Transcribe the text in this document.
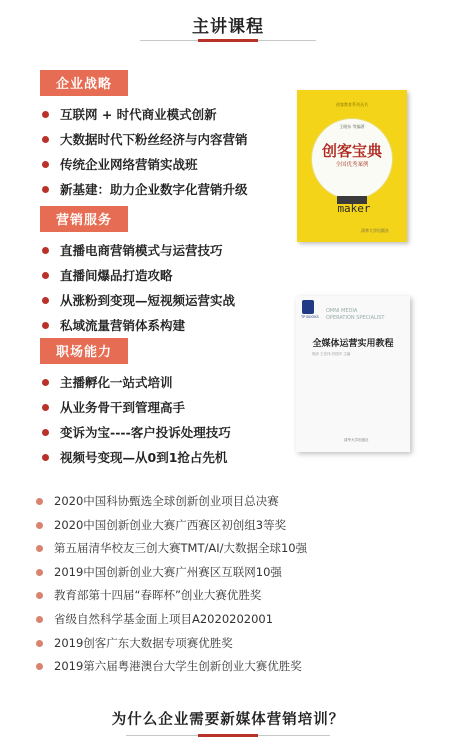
主讲课程
企业战略
互联网 + 时代商业模式创新
大数据时代下粉丝经济与内容营销
传统企业网络营销实战班
新基建：助力企业数字化营销升级
营销服务
直播电商营销模式与运营技巧
直播间爆品打造攻略
从涨粉到变现—短视频运营实战
私域流量营销体系构建
职场能力
主播孵化一站式培训
从业务骨干到管理高手
变诉为宝----客户投诉处理技巧
视频号变现—从0到1抢占先机
创客教育系列丛书
王晓东 等编著
创客宝典
全国优秀案例
maker
清华大学出版社
TP BOOKS
OMNI MEDIA
OPERATION SPECIALIST
全媒体运营实用教程
郭彦 王宏伟 肖国平 主编
清华大学出版社
2020中国科协甄选全球创新创业项目总决赛
2020中国创新创业大赛广西赛区初创组3等奖
第五届清华校友三创大赛TMT/AI/大数据全球10强
2019中国创新创业大赛广州赛区互联网10强
教育部第十四届“春晖杯”创业大赛优胜奖
省级自然科学基金面上项目A2020202001
2019创客广东大数据专项赛优胜奖
2019第六届粤港澳台大学生创新创业大赛优胜奖
为什么企业需要新媒体营销培训？
